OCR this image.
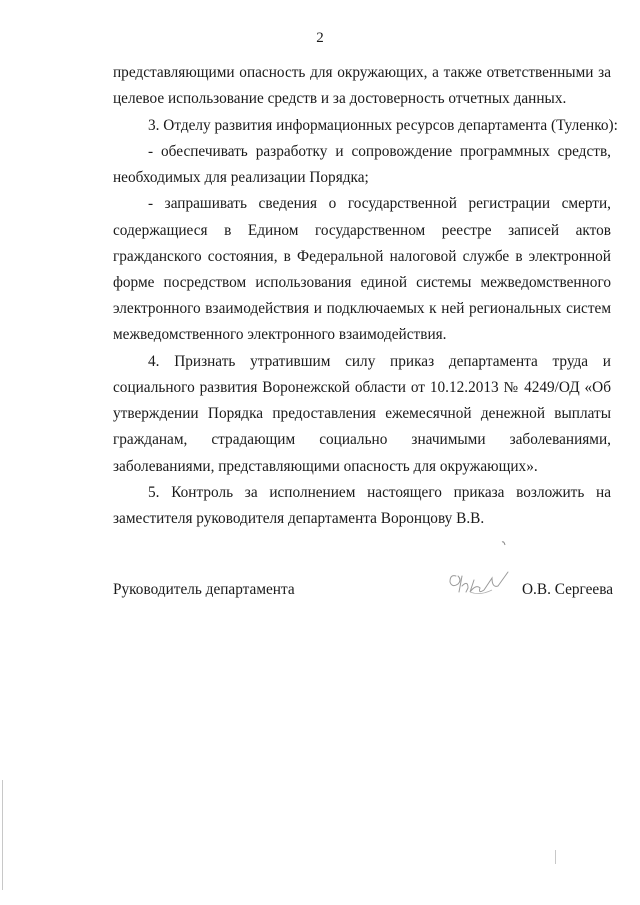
2
представляющими опасность для окружающих, а также ответственными за
целевое использование средств и за достоверность отчетных данных.
3. Отделу развития информационных ресурсов департамента (Туленко):
- обеспечивать разработку и сопровождение программных средств,
необходимых для реализации Порядка;
- запрашивать сведения о государственной регистрации смерти,
содержащиеся в Едином государственном реестре записей актов
гражданского состояния, в Федеральной налоговой службе в электронной
форме посредством использования единой системы межведомственного
электронного взаимодействия и подключаемых к ней региональных систем
межведомственного электронного взаимодействия.
4. Признать утратившим силу приказ департамента труда и
социального развития Воронежской области от 10.12.2013 № 4249/ОД «Об
утверждении Порядка предоставления ежемесячной денежной выплаты
гражданам, страдающим социально значимыми заболеваниями,
заболеваниями, представляющими опасность для окружающих».
5. Контроль за исполнением настоящего приказа возложить на
заместителя руководителя департамента Воронцову В.В.
Руководитель департамента	О.В. Сергеева
